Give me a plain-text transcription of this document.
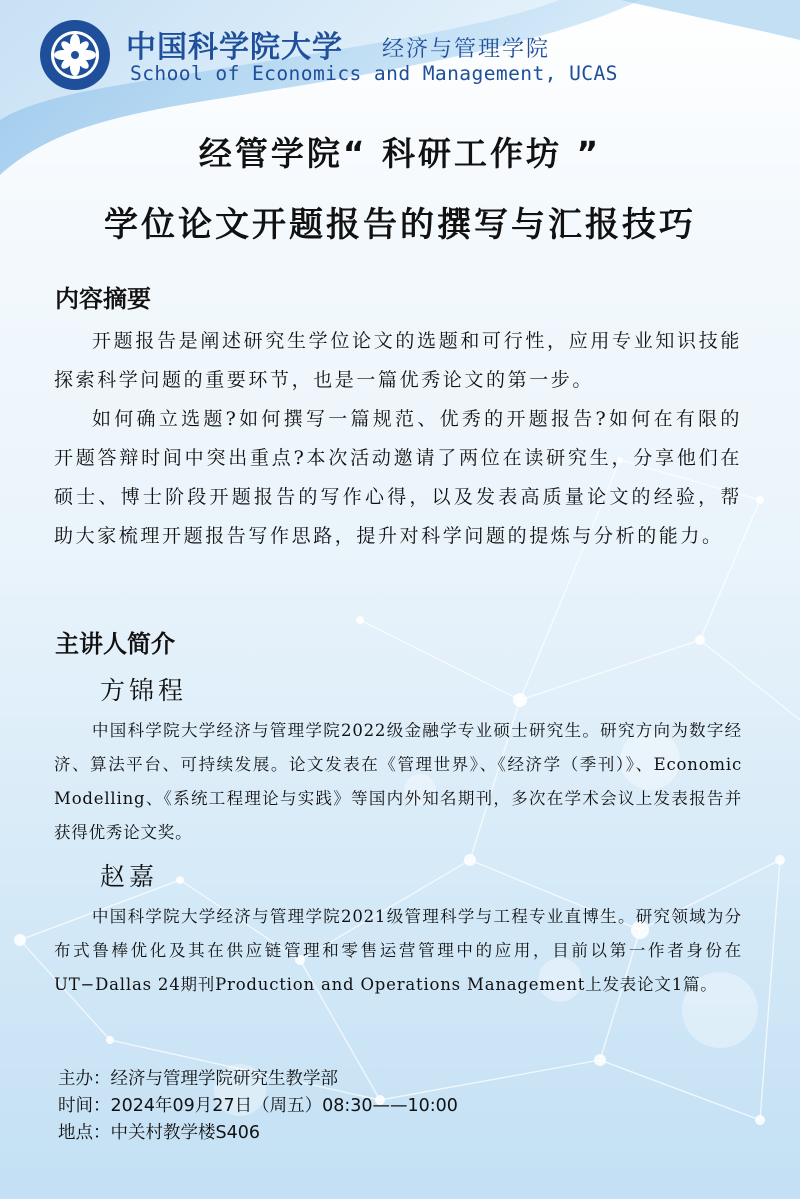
中国科学院大学 经济与管理学院
School of Economics and Management, UCAS
经管学院“ 科研工作坊 ”
学位论文开题报告的撰写与汇报技巧
内容摘要
开题报告是阐述研究生学位论文的选题和可行性，应用专业知识技能探索科学问题的重要环节，也是一篇优秀论文的第一步。
如何确立选题?如何撰写一篇规范、优秀的开题报告?如何在有限的开题答辩时间中突出重点?本次活动邀请了两位在读研究生，分享他们在硕士、博士阶段开题报告的写作心得，以及发表高质量论文的经验，帮助大家梳理开题报告写作思路，提升对科学问题的提炼与分析的能力。
主讲人简介
方锦程
中国科学院大学经济与管理学院2022级金融学专业硕士研究生。研究方向为数字经济、算法平台、可持续发展。论文发表在《管理世界》、《经济学（季刊）》、Economic Modelling、《系统工程理论与实践》等国内外知名期刊，多次在学术会议上发表报告并获得优秀论文奖。
赵嘉
中国科学院大学经济与管理学院2021级管理科学与工程专业直博生。研究领域为分布式鲁棒优化及其在供应链管理和零售运营管理中的应用，目前以第一作者身份在UT−Dallas 24期刊Production and Operations Management上发表论文1篇。
主办：经济与管理学院研究生教学部
时间：2024年09月27日（周五）08:30——10:00
地点：中关村教学楼S406
